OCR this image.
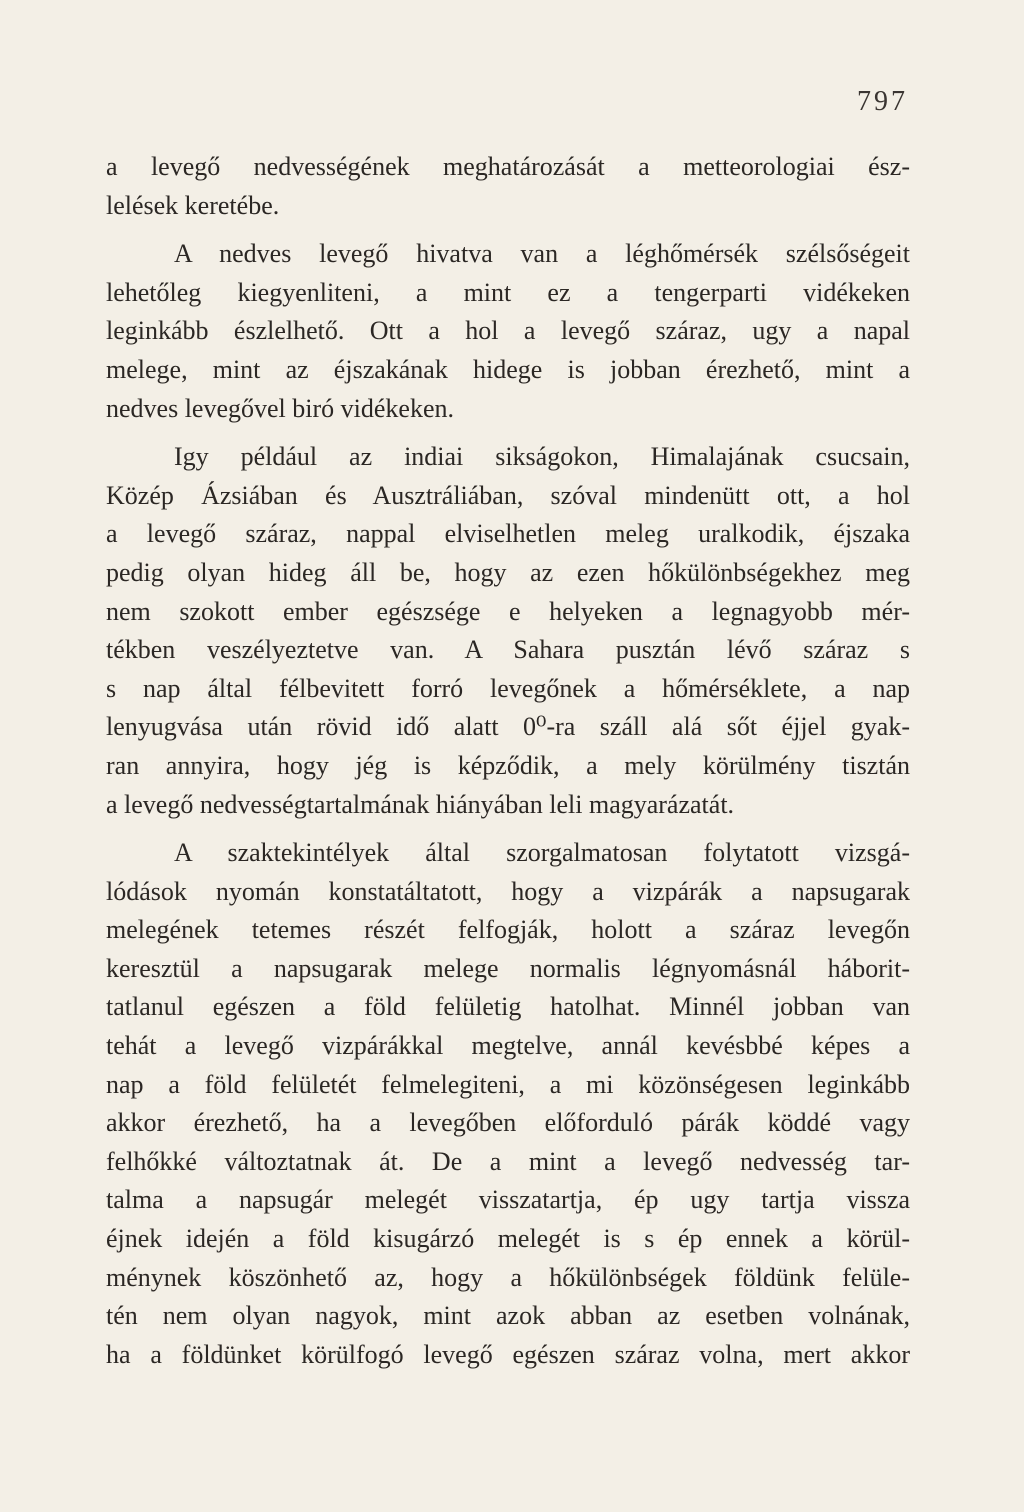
797
a levegő nedvességének meghatározását a metteorologiai ész-
lelések keretébe.
A nedves levegő hivatva van a léghőmérsék szélsőségeit
lehetőleg kiegyenliteni, a mint ez a tengerparti vidékeken
leginkább észlelhető. Ott a hol a levegő száraz, ugy a napal
melege, mint az éjszakának hidege is jobban érezhető, mint a
nedves levegővel biró vidékeken.
Igy például az indiai sikságokon, Himalajának csucsain,
Közép Ázsiában és Ausztráliában, szóval mindenütt ott, a hol
a levegő száraz, nappal elviselhetlen meleg uralkodik, éjszaka
pedig olyan hideg áll be, hogy az ezen hőkülönbségekhez meg
nem szokott ember egészsége e helyeken a legnagyobb mér-
tékben veszélyeztetve van. A Sahara pusztán lévő száraz s
s nap által félbevitett forró levegőnek a hőmérséklete, a nap
lenyugvása után rövid idő alatt 0⁰-ra száll alá sőt éjjel gyak-
ran annyira, hogy jég is képződik, a mely körülmény tisztán
a levegő nedvességtartalmának hiányában leli magyarázatát.
A szaktekintélyek által szorgalmatosan folytatott vizsgá-
lódások nyomán konstatáltatott, hogy a vizpárák a napsugarak
melegének tetemes részét felfogják, holott a száraz levegőn
keresztül a napsugarak melege normalis légnyomásnál háborit-
tatlanul egészen a föld felületig hatolhat. Minnél jobban van
tehát a levegő vizpárákkal megtelve, annál kevésbbé képes a
nap a föld felületét felmelegiteni, a mi közönségesen leginkább
akkor érezhető, ha a levegőben előforduló párák köddé vagy
felhőkké változtatnak át. De a mint a levegő nedvesség tar-
talma a napsugár melegét visszatartja, ép ugy tartja vissza
éjnek idején a föld kisugárzó melegét is s ép ennek a körül-
ménynek köszönhető az, hogy a hőkülönbségek földünk felüle-
tén nem olyan nagyok, mint azok abban az esetben volnának,
ha a földünket körülfogó levegő egészen száraz volna, mert akkor
